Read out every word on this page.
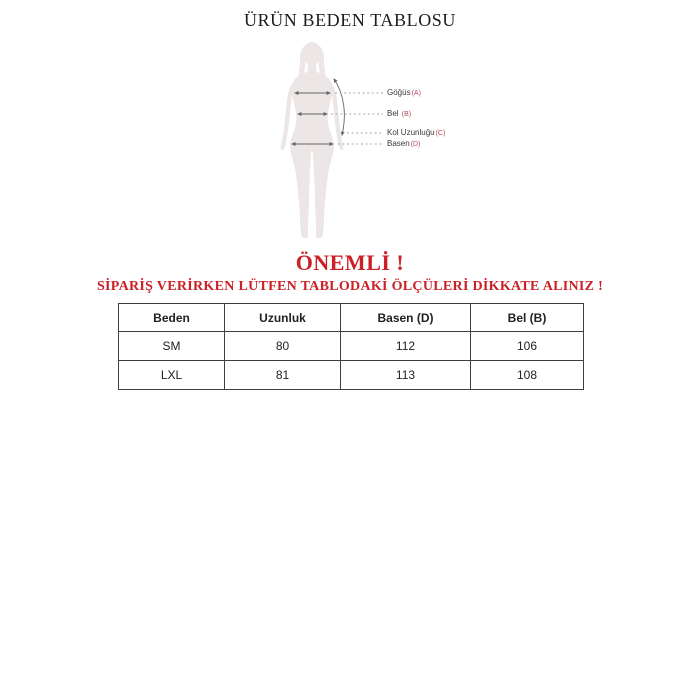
ÜRÜN BEDEN TABLOSU
Göğüs(A)
Bel (B)
Kol Uzunluğu(C)
Basen(D)
ÖNEMLİ !
SİPARİŞ VERİRKEN LÜTFEN TABLODAKİ ÖLÇÜLERİ DİKKATE ALINIZ !
Beden	Uzunluk	Basen (D)	Bel (B)
SM	80	112	106
LXL	81	113	108
